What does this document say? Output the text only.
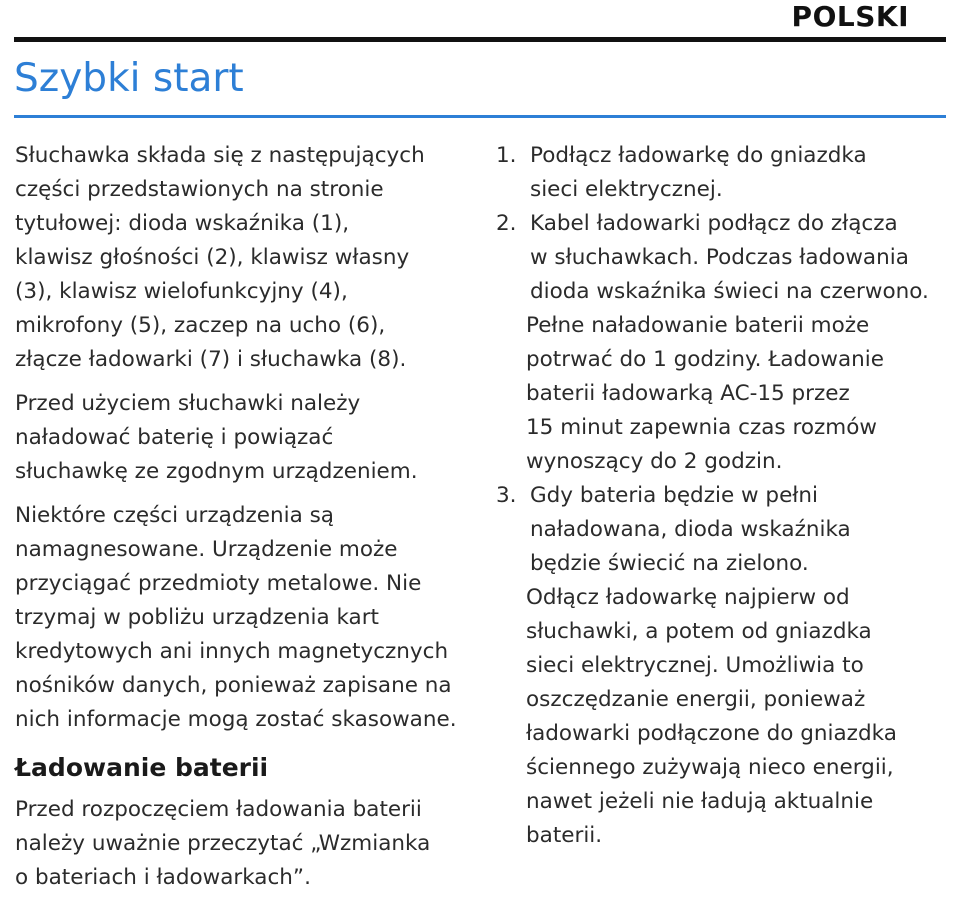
POLSKI
Szybki start

Słuchawka składa się z następujących
części przedstawionych na stronie
tytułowej: dioda wskaźnika (1),
klawisz głośności (2), klawisz własny
(3), klawisz wielofunkcyjny (4),
mikrofony (5), zaczep na ucho (6),
złącze ładowarki (7) i słuchawka (8).

Przed użyciem słuchawki należy
naładować baterię i powiązać
słuchawkę ze zgodnym urządzeniem.

Niektóre części urządzenia są
namagnesowane. Urządzenie może
przyciągać przedmioty metalowe. Nie
trzymaj w pobliżu urządzenia kart
kredytowych ani innych magnetycznych
nośników danych, ponieważ zapisane na
nich informacje mogą zostać skasowane.

Ładowanie baterii

Przed rozpoczęciem ładowania baterii
należy uważnie przeczytać „Wzmianka
o bateriach i ładowarkach”.

1. Podłącz ładowarkę do gniazdka
sieci elektrycznej.
2. Kabel ładowarki podłącz do złącza
w słuchawkach. Podczas ładowania
dioda wskaźnika świeci na czerwono.

Pełne naładowanie baterii może
potrwać do 1 godziny. Ładowanie
baterii ładowarką AC-15 przez
15 minut zapewnia czas rozmów
wynoszący do 2 godzin.

3. Gdy bateria będzie w pełni
naładowana, dioda wskaźnika
będzie świecić na zielono.

Odłącz ładowarkę najpierw od
słuchawki, a potem od gniazdka
sieci elektrycznej. Umożliwia to
oszczędzanie energii, ponieważ
ładowarki podłączone do gniazdka
ściennego zużywają nieco energii,
nawet jeżeli nie ładują aktualnie
baterii.
